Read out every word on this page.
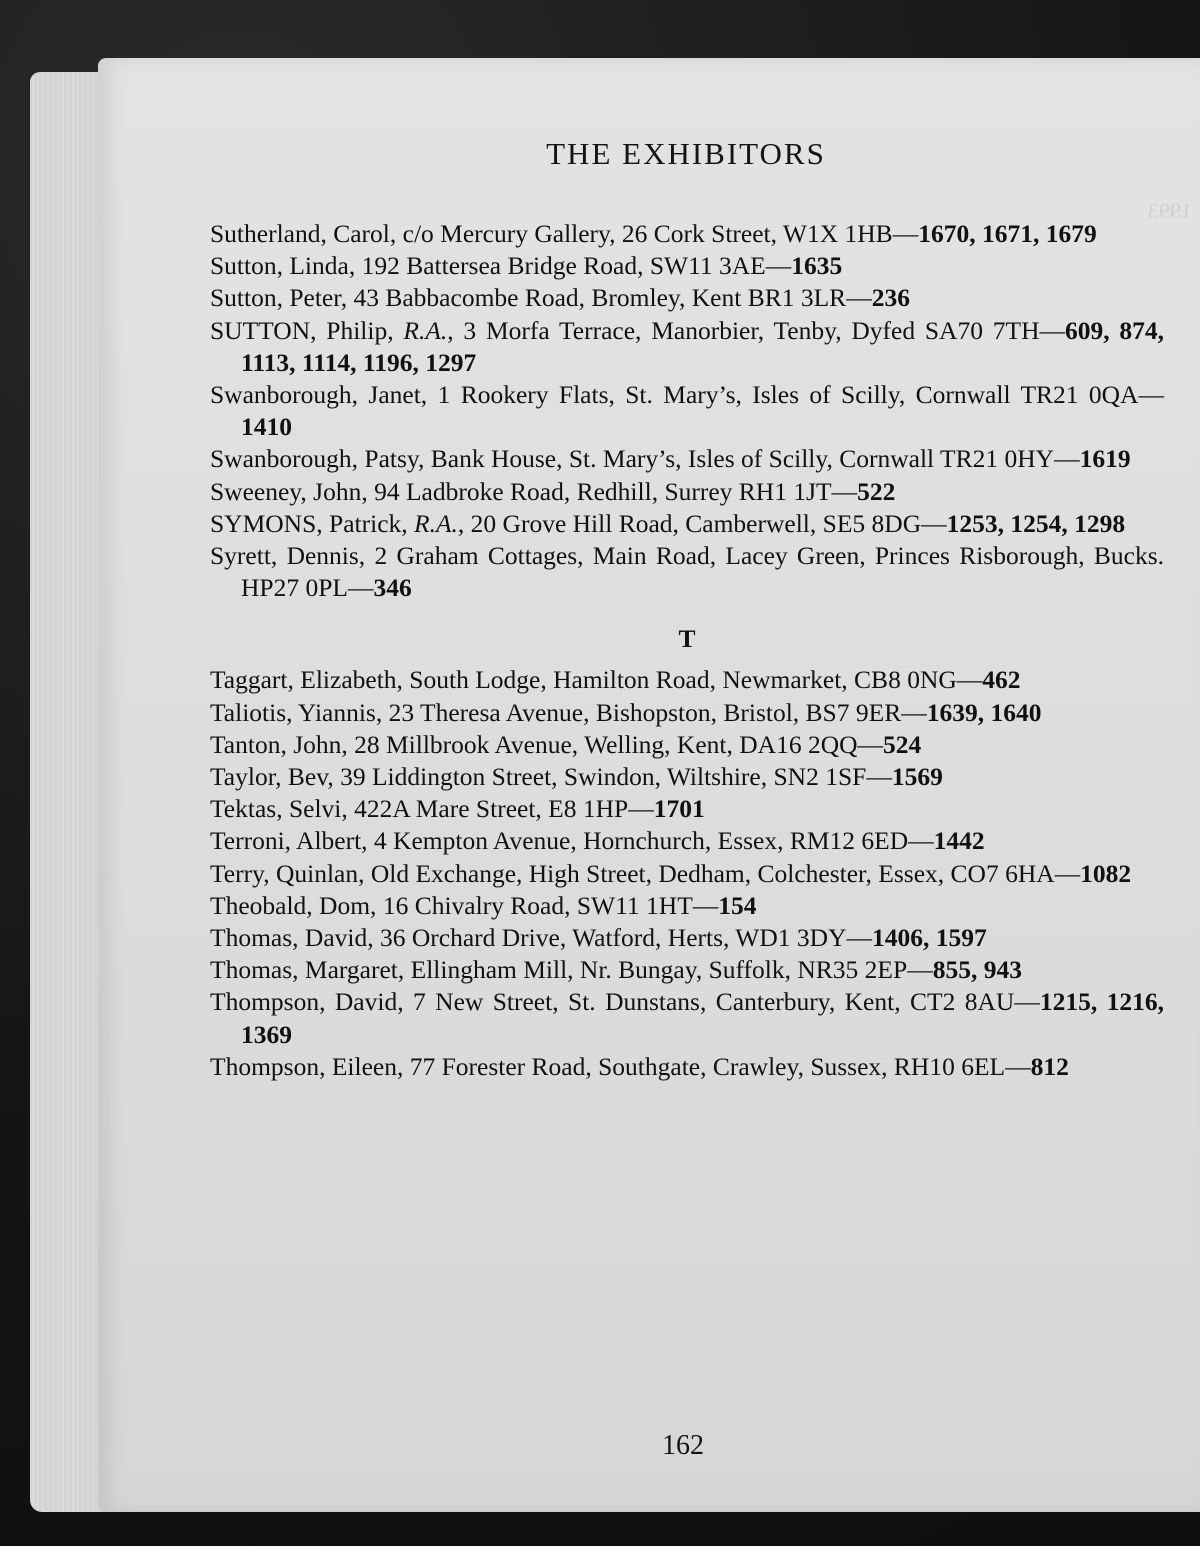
1993
THE EXHIBITORS
Sutherland, Carol, c/o Mercury Gallery, 26 Cork Street, W1X 1HB—1670, 1671, 1679
Sutton, Linda, 192 Battersea Bridge Road, SW11 3AE—1635
Sutton, Peter, 43 Babbacombe Road, Bromley, Kent BR1 3LR—236
SUTTON, Philip, R.A., 3 Morfa Terrace, Manorbier, Tenby, Dyfed SA70 7TH—609, 874, 1113, 1114, 1196, 1297
Swanborough, Janet, 1 Rookery Flats, St. Mary’s, Isles of Scilly, Cornwall TR21 0QA—1410
Swanborough, Patsy, Bank House, St. Mary’s, Isles of Scilly, Cornwall TR21 0HY—1619
Sweeney, John, 94 Ladbroke Road, Redhill, Surrey RH1 1JT—522
SYMONS, Patrick, R.A., 20 Grove Hill Road, Camberwell, SE5 8DG—1253, 1254, 1298
Syrett, Dennis, 2 Graham Cottages, Main Road, Lacey Green, Princes Risborough, Bucks. HP27 0PL—346
T
Taggart, Elizabeth, South Lodge, Hamilton Road, Newmarket, CB8 0NG—462
Taliotis, Yiannis, 23 Theresa Avenue, Bishopston, Bristol, BS7 9ER—1639, 1640
Tanton, John, 28 Millbrook Avenue, Welling, Kent, DA16 2QQ—524
Taylor, Bev, 39 Liddington Street, Swindon, Wiltshire, SN2 1SF—1569
Tektas, Selvi, 422A Mare Street, E8 1HP—1701
Terroni, Albert, 4 Kempton Avenue, Hornchurch, Essex, RM12 6ED—1442
Terry, Quinlan, Old Exchange, High Street, Dedham, Colchester, Essex, CO7 6HA—1082
Theobald, Dom, 16 Chivalry Road, SW11 1HT—154
Thomas, David, 36 Orchard Drive, Watford, Herts, WD1 3DY—1406, 1597
Thomas, Margaret, Ellingham Mill, Nr. Bungay, Suffolk, NR35 2EP—855, 943
Thompson, David, 7 New Street, St. Dunstans, Canterbury, Kent, CT2 8AU—1215, 1216, 1369
Thompson, Eileen, 77 Forester Road, Southgate, Crawley, Sussex, RH10 6EL—812
162
